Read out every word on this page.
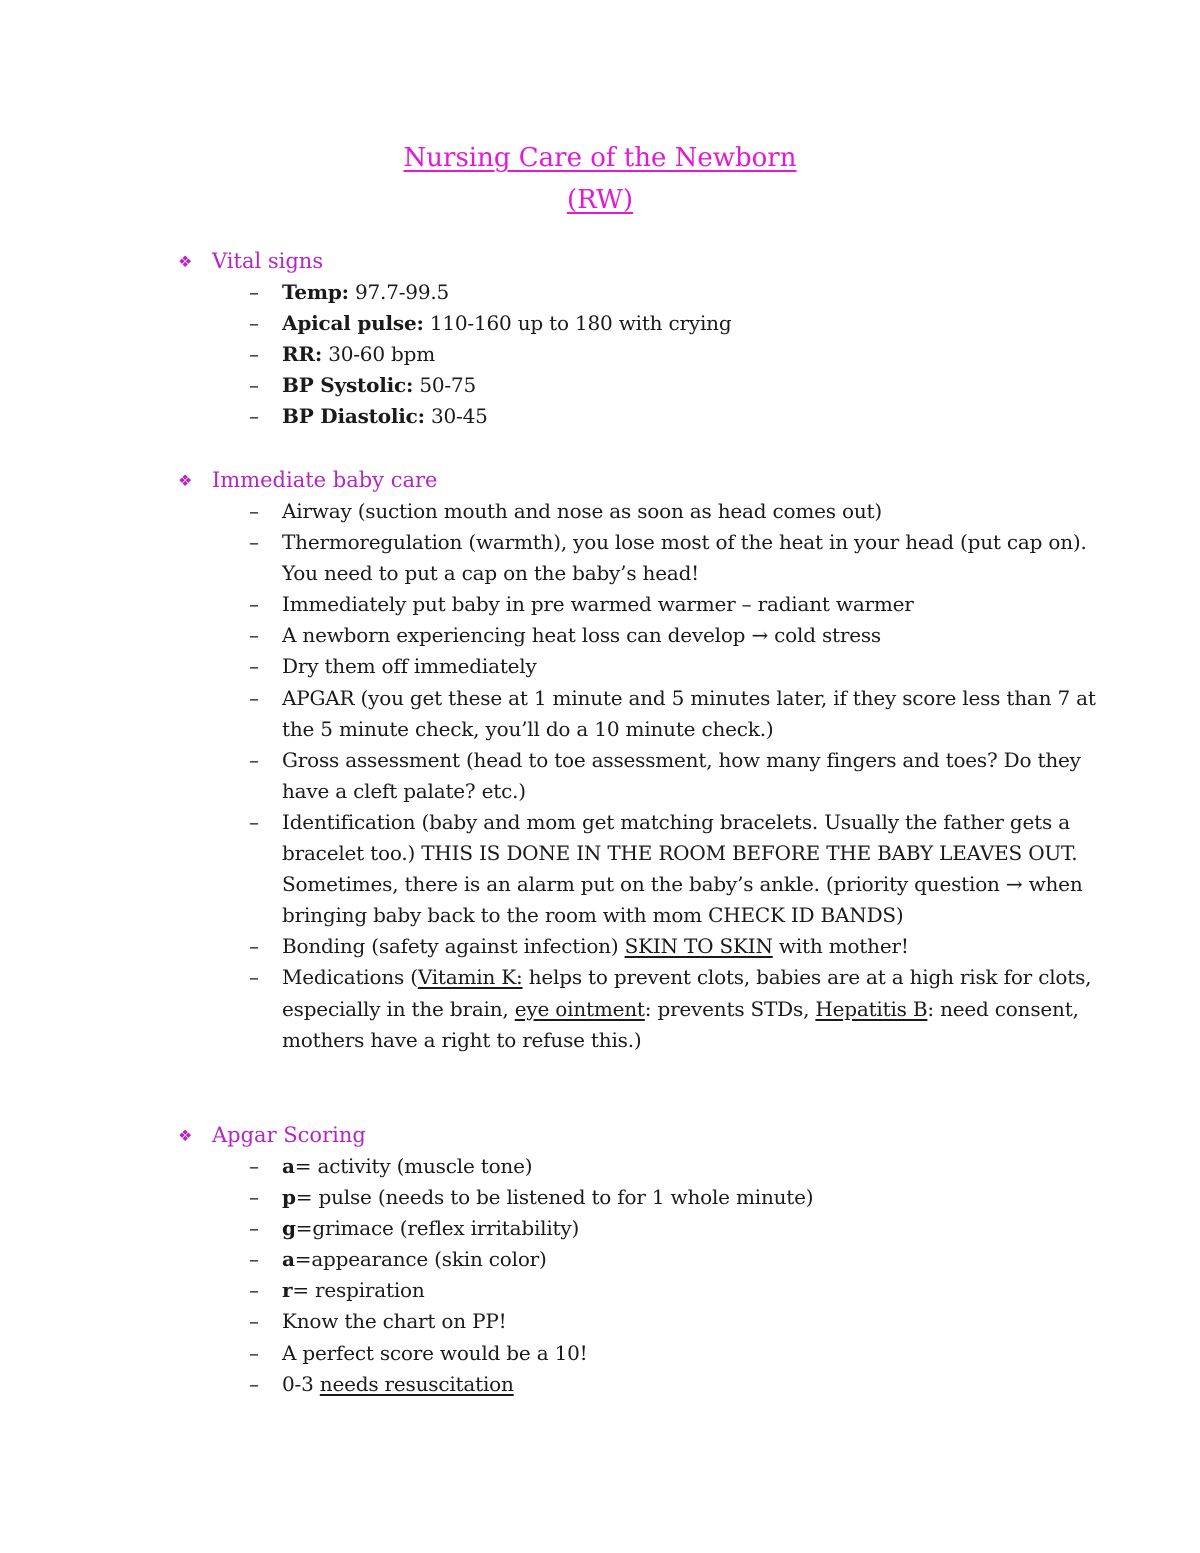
Nursing Care of the Newborn
(RW)
❖ Vital signs
– Temp: 97.7-99.5
– Apical pulse: 110-160 up to 180 with crying
– RR: 30-60 bpm
– BP Systolic: 50-75
– BP Diastolic: 30-45
❖ Immediate baby care
– Airway (suction mouth and nose as soon as head comes out)
– Thermoregulation (warmth), you lose most of the heat in your head (put cap on). You need to put a cap on the baby’s head!
– Immediately put baby in pre warmed warmer – radiant warmer
– A newborn experiencing heat loss can develop → cold stress
– Dry them off immediately
– APGAR (you get these at 1 minute and 5 minutes later, if they score less than 7 at the 5 minute check, you’ll do a 10 minute check.)
– Gross assessment (head to toe assessment, how many fingers and toes? Do they have a cleft palate? etc.)
– Identification (baby and mom get matching bracelets. Usually the father gets a bracelet too.) THIS IS DONE IN THE ROOM BEFORE THE BABY LEAVES OUT. Sometimes, there is an alarm put on the baby’s ankle. (priority question → when bringing baby back to the room with mom CHECK ID BANDS)
– Bonding (safety against infection) SKIN TO SKIN with mother!
– Medications (Vitamin K: helps to prevent clots, babies are at a high risk for clots, especially in the brain, eye ointment: prevents STDs, Hepatitis B: need consent, mothers have a right to refuse this.)
❖ Apgar Scoring
– a= activity (muscle tone)
– p= pulse (needs to be listened to for 1 whole minute)
– g=grimace (reflex irritability)
– a=appearance (skin color)
– r= respiration
– Know the chart on PP!
– A perfect score would be a 10!
– 0-3 needs resuscitation
